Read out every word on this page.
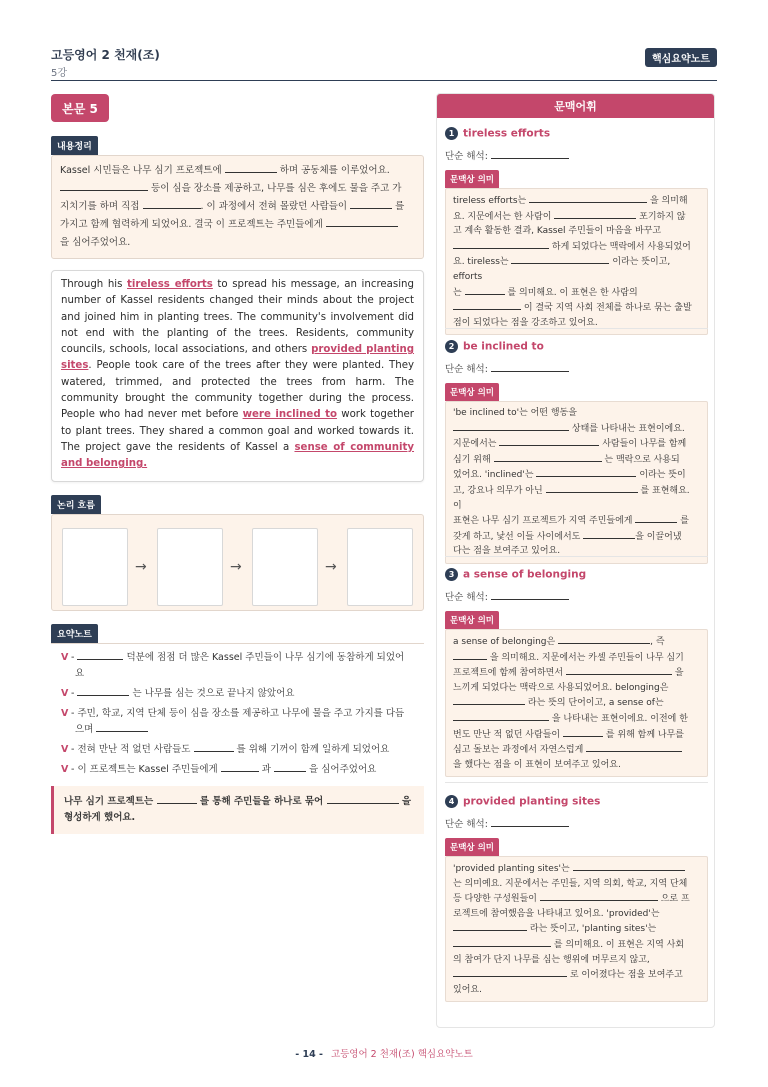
고등영어 2 천재(조)
5강
핵심요약노트
본문 5
내용정리
Kassel 시민들은 나무 심기 프로젝트에	하며 공동체를 이루었어요.
등이 심을 장소를 제공하고, 나무를 심은 후에도 물을 주고 가
지치기를 하며 직접	. 이 과정에서 전혀 몰랐던 사람들이	를
가지고 함께 협력하게 되었어요. 결국 이 프로젝트는 주민들에게
을 심어주었어요.
Through his tireless efforts to spread his message, an increasing number of Kassel residents changed their minds about the project and joined him in planting trees. The community's involvement did not end with the planting of the trees. Residents, community councils, schools, local associations, and others provided planting sites. People took care of the trees after they were planted. They watered, trimmed, and protected the trees from harm. The community brought the community together during the process. People who had never met before were inclined to work together to plant trees. They shared a common goal and worked towards it. The project gave the residents of Kassel a sense of community and belonging.
논리 흐름
→	→	→
요약노트
V -	덕분에 점점 더 많은 Kassel 주민들이 나무 심기에 동참하게 되었어
요
V -	는 나무를 심는 것으로 끝나지 않았어요
V - 주민, 학교, 지역 단체 등이 심을 장소를 제공하고 나무에 물을 주고 가지를 다듬
으며
V - 전혀 만난 적 없던 사람들도	를 위해 기꺼이 함께 일하게 되었어요
V - 이 프로젝트는 Kassel 주민들에게	과	을 심어주었어요
나무 심기 프로젝트는	를 통해 주민들을 하나로 묶어	을
형성하게 했어요.
문맥어휘
1 tireless efforts
단순 해석:
문맥상 의미
tireless efforts는	을 의미해
요. 지문에서는 한 사람이	포기하지 않
고 계속 활동한 결과, Kassel 주민들이 마음을 바꾸고
하게 되었다는 맥락에서 사용되었어
요. tireless는	이라는 뜻이고, efforts
는	를 의미해요. 이 표현은 한 사람의
이 결국 지역 사회 전체를 하나로 묶는 출발
점이 되었다는 점을 강조하고 있어요.
2 be inclined to
단순 해석:
문맥상 의미
'be inclined to'는 어떤 행동을
상태를 나타내는 표현이에요.
지문에서는	사람들이 나무를 함께
심기 위해	는 맥락으로 사용되
었어요. 'inclined'는	이라는 뜻이
고, 강요나 의무가 아닌	를 표현해요. 이
표현은 나무 심기 프로젝트가 지역 주민들에게	를
갖게 하고, 낯선 이들 사이에서도	을 이끌어냈
다는 점을 보여주고 있어요.
3 a sense of belonging
단순 해석:
문맥상 의미
a sense of belonging은	, 즉
을 의미해요. 지문에서는 카셀 주민들이 나무 심기
프로젝트에 함께 참여하면서	을
느끼게 되었다는 맥락으로 사용되었어요. belonging은
라는 뜻의 단어이고, a sense of는
을 나타내는 표현이에요. 이전에 한
번도 만난 적 없던 사람들이	를 위해 함께 나무를
심고 돌보는 과정에서 자연스럽게
을 했다는 점을 이 표현이 보여주고 있어요.
4 provided planting sites
단순 해석:
문맥상 의미
'provided planting sites'는
는 의미예요. 지문에서는 주민들, 지역 의회, 학교, 지역 단체
등 다양한 구성원들이	으로 프
로젝트에 참여했음을 나타내고 있어요. 'provided'는
라는 뜻이고, 'planting sites'는
를 의미해요. 이 표현은 지역 사회
의 참여가 단지 나무를 심는 행위에 머무르지 않고,
로 이어졌다는 점을 보여주고
있어요.
- 14 - 고등영어 2 천재(조) 핵심요약노트
